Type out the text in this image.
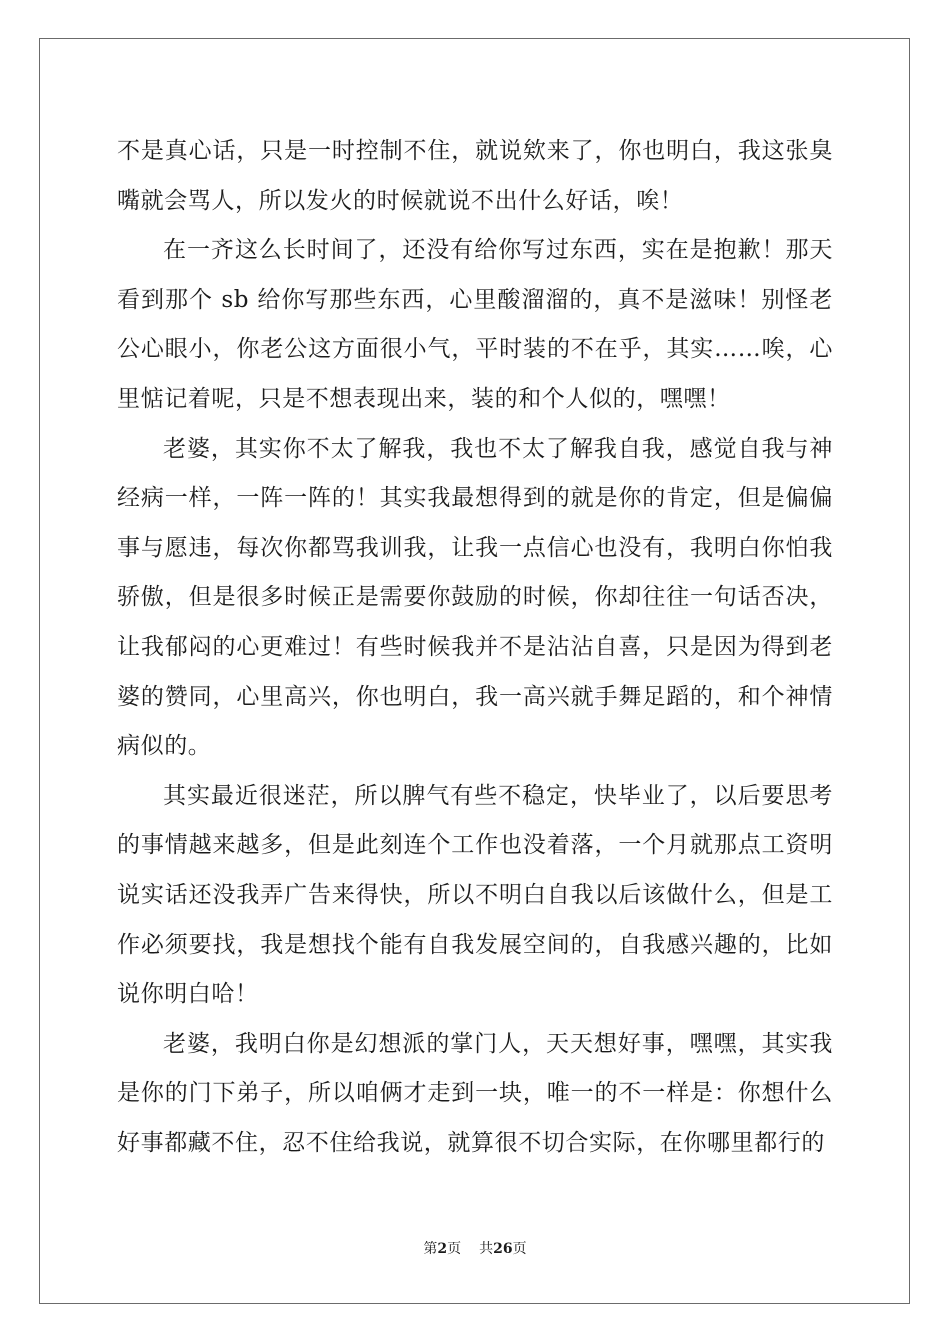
不是真心话，只是一时控制不住，就说欸来了，你也明白，我这张臭嘴就会骂人，所以发火的时候就说不出什么好话，唉！

在一齐这么长时间了，还没有给你写过东西，实在是抱歉！那天看到那个 sb 给你写那些东西，心里酸溜溜的，真不是滋味！别怪老公心眼小，你老公这方面很小气，平时装的不在乎，其实……唉，心里惦记着呢，只是不想表现出来，装的和个人似的，嘿嘿！

老婆，其实你不太了解我，我也不太了解我自我，感觉自我与神经病一样，一阵一阵的！其实我最想得到的就是你的肯定，但是偏偏事与愿违，每次你都骂我训我，让我一点信心也没有，我明白你怕我骄傲，但是很多时候正是需要你鼓励的时候，你却往往一句话否决，让我郁闷的心更难过！有些时候我并不是沾沾自喜，只是因为得到老婆的赞同，心里高兴，你也明白，我一高兴就手舞足蹈的，和个神情病似的。

其实最近很迷茫，所以脾气有些不稳定，快毕业了，以后要思考的事情越来越多，但是此刻连个工作也没着落，一个月就那点工资明说实话还没我弄广告来得快，所以不明白自我以后该做什么，但是工作必须要找，我是想找个能有自我发展空间的，自我感兴趣的，比如说你明白哈！

老婆，我明白你是幻想派的掌门人，天天想好事，嘿嘿，其实我是你的门下弟子，所以咱俩才走到一块，唯一的不一样是：你想什么好事都藏不住，忍不住给我说，就算很不切合实际，在你哪里都行的

第2页 共26页
